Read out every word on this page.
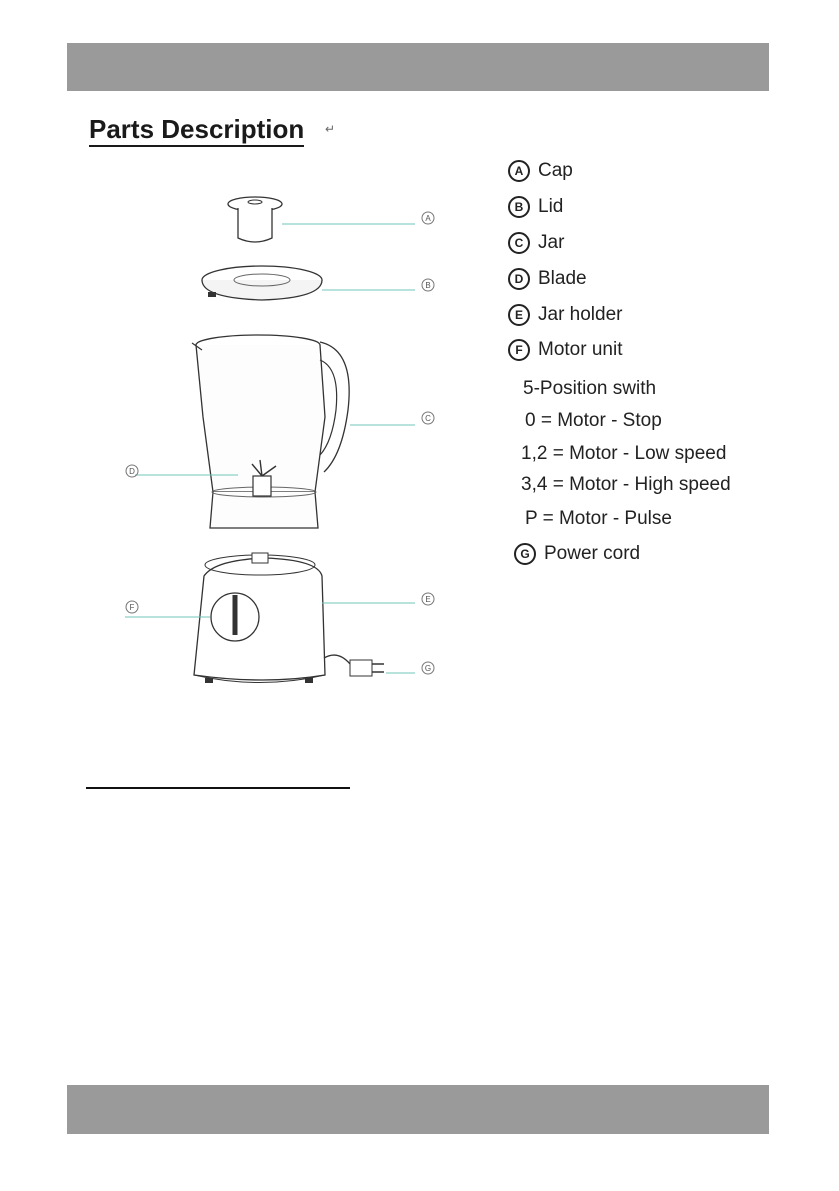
Parts Description ↵
A
B
C
D
E
F
G
A Cap
B Lid
C Jar
D Blade
E Jar holder
F Motor unit
5-Position swith
0 = Motor - Stop
1,2 = Motor - Low speed
3,4 = Motor - High speed
P = Motor - Pulse
G Power cord
